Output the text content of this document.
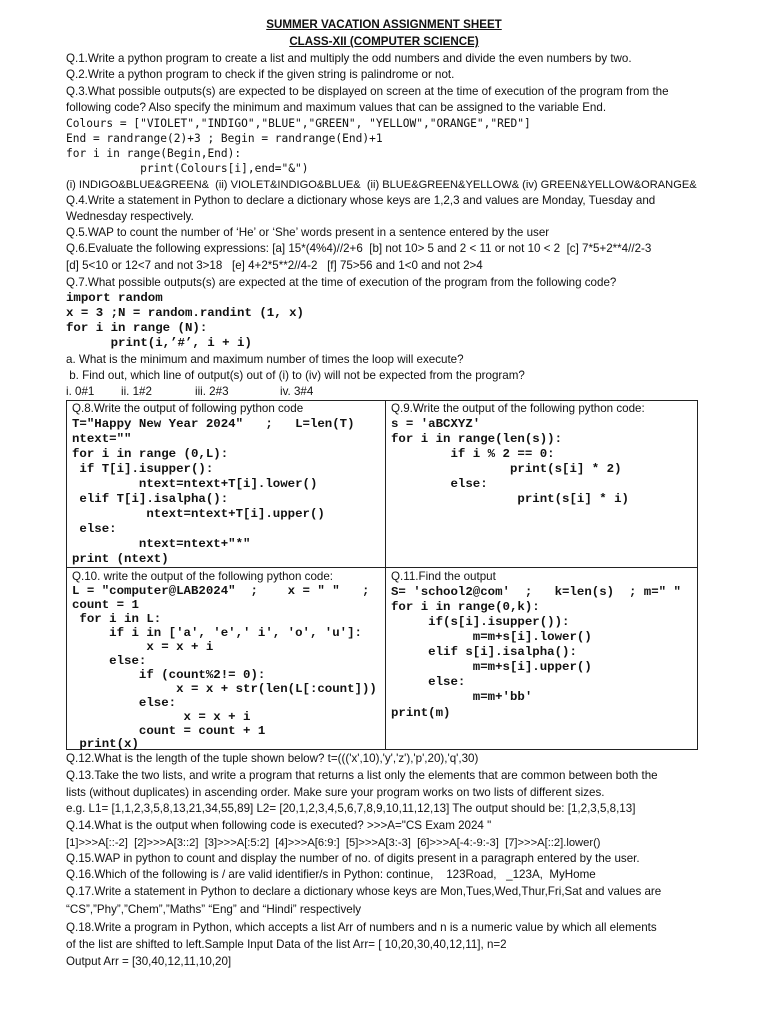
SUMMER VACATION ASSIGNMENT SHEET
CLASS-XII (COMPUTER SCIENCE)
Q.1.Write a python program to create a list and multiply the odd numbers and divide the even numbers by two.
Q.2.Write a python program to check if the given string is palindrome or not.
Q.3.What possible outputs(s) are expected to be displayed on screen at the time of execution of the program from the
following code? Also specify the minimum and maximum values that can be assigned to the variable End.
Colours = ["VIOLET","INDIGO","BLUE","GREEN", "YELLOW","ORANGE","RED"]
End = randrange(2)+3 ; Begin = randrange(End)+1
for i in range(Begin,End):
print(Colours[i],end="&")
(i) INDIGO&BLUE&GREEN&  (ii) VIOLET&INDIGO&BLUE&  (ii) BLUE&GREEN&YELLOW& (iv) GREEN&YELLOW&ORANGE&
Q.4.Write a statement in Python to declare a dictionary whose keys are 1,2,3 and values are Monday, Tuesday and
Wednesday respectively.
Q.5.WAP to count the number of ‘He’ or ‘She’ words present in a sentence entered by the user
Q.6.Evaluate the following expressions: [a] 15*(4%4)//2+6  [b] not 10> 5 and 2 < 11 or not 10 < 2  [c] 7*5+2**4//2-3
[d] 5<10 or 12<7 and not 3>18   [e] 4+2*5**2//4-2   [f] 75>56 and 1<0 and not 2>4
Q.7.What possible outputs(s) are expected at the time of execution of the program from the following code?
import random
x = 3 ;N = random.randint (1, x)
for i in range (N):
print(i,’#’, i + i)
a. What is the minimum and maximum number of times the loop will execute?
b. Find out, which line of output(s) out of (i) to (iv) will not be expected from the program?
i. 0#1 ii. 1#2	iii. 2#3	iv. 3#4
Q.8.Write the output of following python code
T="Happy New Year 2024"   ;   L=len(T)
ntext=""
for i in range (0,L):
if T[i].isupper():
ntext=ntext+T[i].lower()
elif T[i].isalpha():
ntext=ntext+T[i].upper()
else:
ntext=ntext+"*"
print (ntext)
Q.9.Write the output of the following python code:
s = 'aBCXYZ'
for i in range(len(s)):
if i % 2 == 0:
print(s[i] * 2)
else:
print(s[i] * i)
Q.10. write the output of the following python code:
L = "computer@LAB2024"  ;    x = " "   ;
count = 1
for i in L:
if i in ['a', 'e',' i', 'o', 'u']:
x = x + i
else:
if (count%2!= 0):
x = x + str(len(L[:count]))
else:
x = x + i
count = count + 1
print(x)
Q.11.Find the output
S= 'school2@com'  ;   k=len(s)  ; m=" "
for i in range(0,k):
if(s[i].isupper()):
m=m+s[i].lower()
elif s[i].isalpha():
m=m+s[i].upper()
else:
m=m+'bb'
print(m)
Q.12.What is the length of the tuple shown below? t=((('x',10),'y','z'),'p',20),'q',30)
Q.13.Take the two lists, and write a program that returns a list only the elements that are common between both the
lists (without duplicates) in ascending order. Make sure your program works on two lists of different sizes.
e.g. L1= [1,1,2,3,5,8,13,21,34,55,89] L2= [20,1,2,3,4,5,6,7,8,9,10,11,12,13] The output should be: [1,2,3,5,8,13]
Q.14.What is the output when following code is executed? >>>A="CS Exam 2024 "
[1]>>>A[::-2]  [2]>>>A[3::2]  [3]>>>A[:5:2]  [4]>>>A[6:9:]  [5]>>>A[3:-3]  [6]>>>A[-4:-9:-3]  [7]>>>A[::2].lower()
Q.15.WAP in python to count and display the number of no. of digits present in a paragraph entered by the user.
Q.16.Which of the following is / are valid identifier/s in Python: continue,    123Road,   _123A,  MyHome
Q.17.Write a statement in Python to declare a dictionary whose keys are Mon,Tues,Wed,Thur,Fri,Sat and values are
“CS”,”Phy”,”Chem”,”Maths” “Eng” and “Hindi” respectively
Q.18.Write a program in Python, which accepts a list Arr of numbers and n is a numeric value by which all elements
of the list are shifted to left.Sample Input Data of the list Arr= [ 10,20,30,40,12,11], n=2
Output Arr = [30,40,12,11,10,20]
